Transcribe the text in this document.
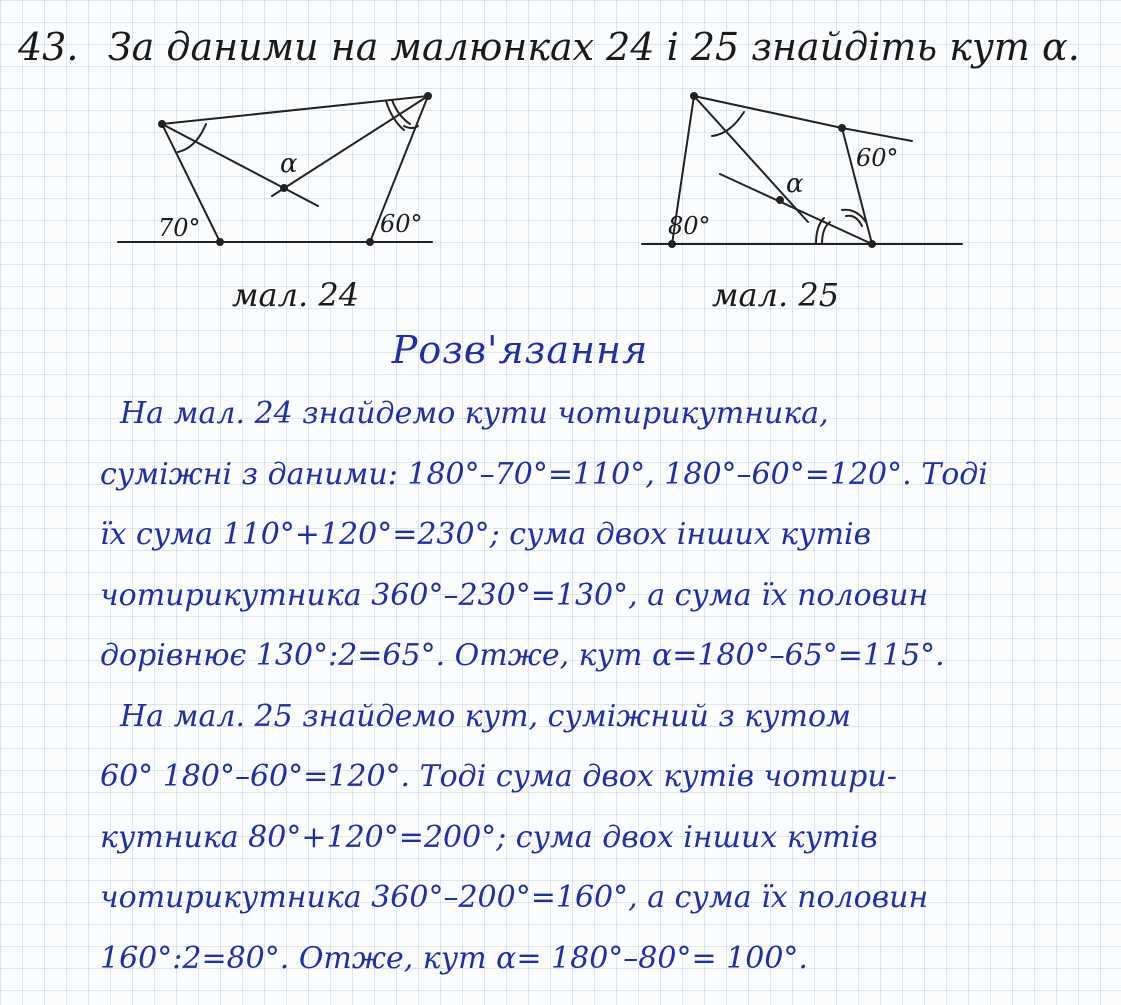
43. За даними на малюнках 24 і 25 знайдіть кут α.
70°	60°
α
80°
60°
α
мал. 24	мал. 25
Розв'язання
На мал. 24 знайдемо кути чотирикутника,
суміжні з даними: 180°–70°=110°, 180°–60°=120°. Тоді
їх сума 110°+120°=230°; сума двох інших кутів
чотирикутника 360°–230°=130°, а сума їх половин
дорівнює 130°:2=65°. Отже, кут α=180°–65°=115°.
На мал. 25 знайдемо кут, суміжний з кутом
60° 180°–60°=120°. Тоді сума двох кутів чотири-
кутника 80°+120°=200°; сума двох інших кутів
чотирикутника 360°–200°=160°, а сума їх половин
160°:2=80°. Отже, кут α= 180°–80°= 100°.
